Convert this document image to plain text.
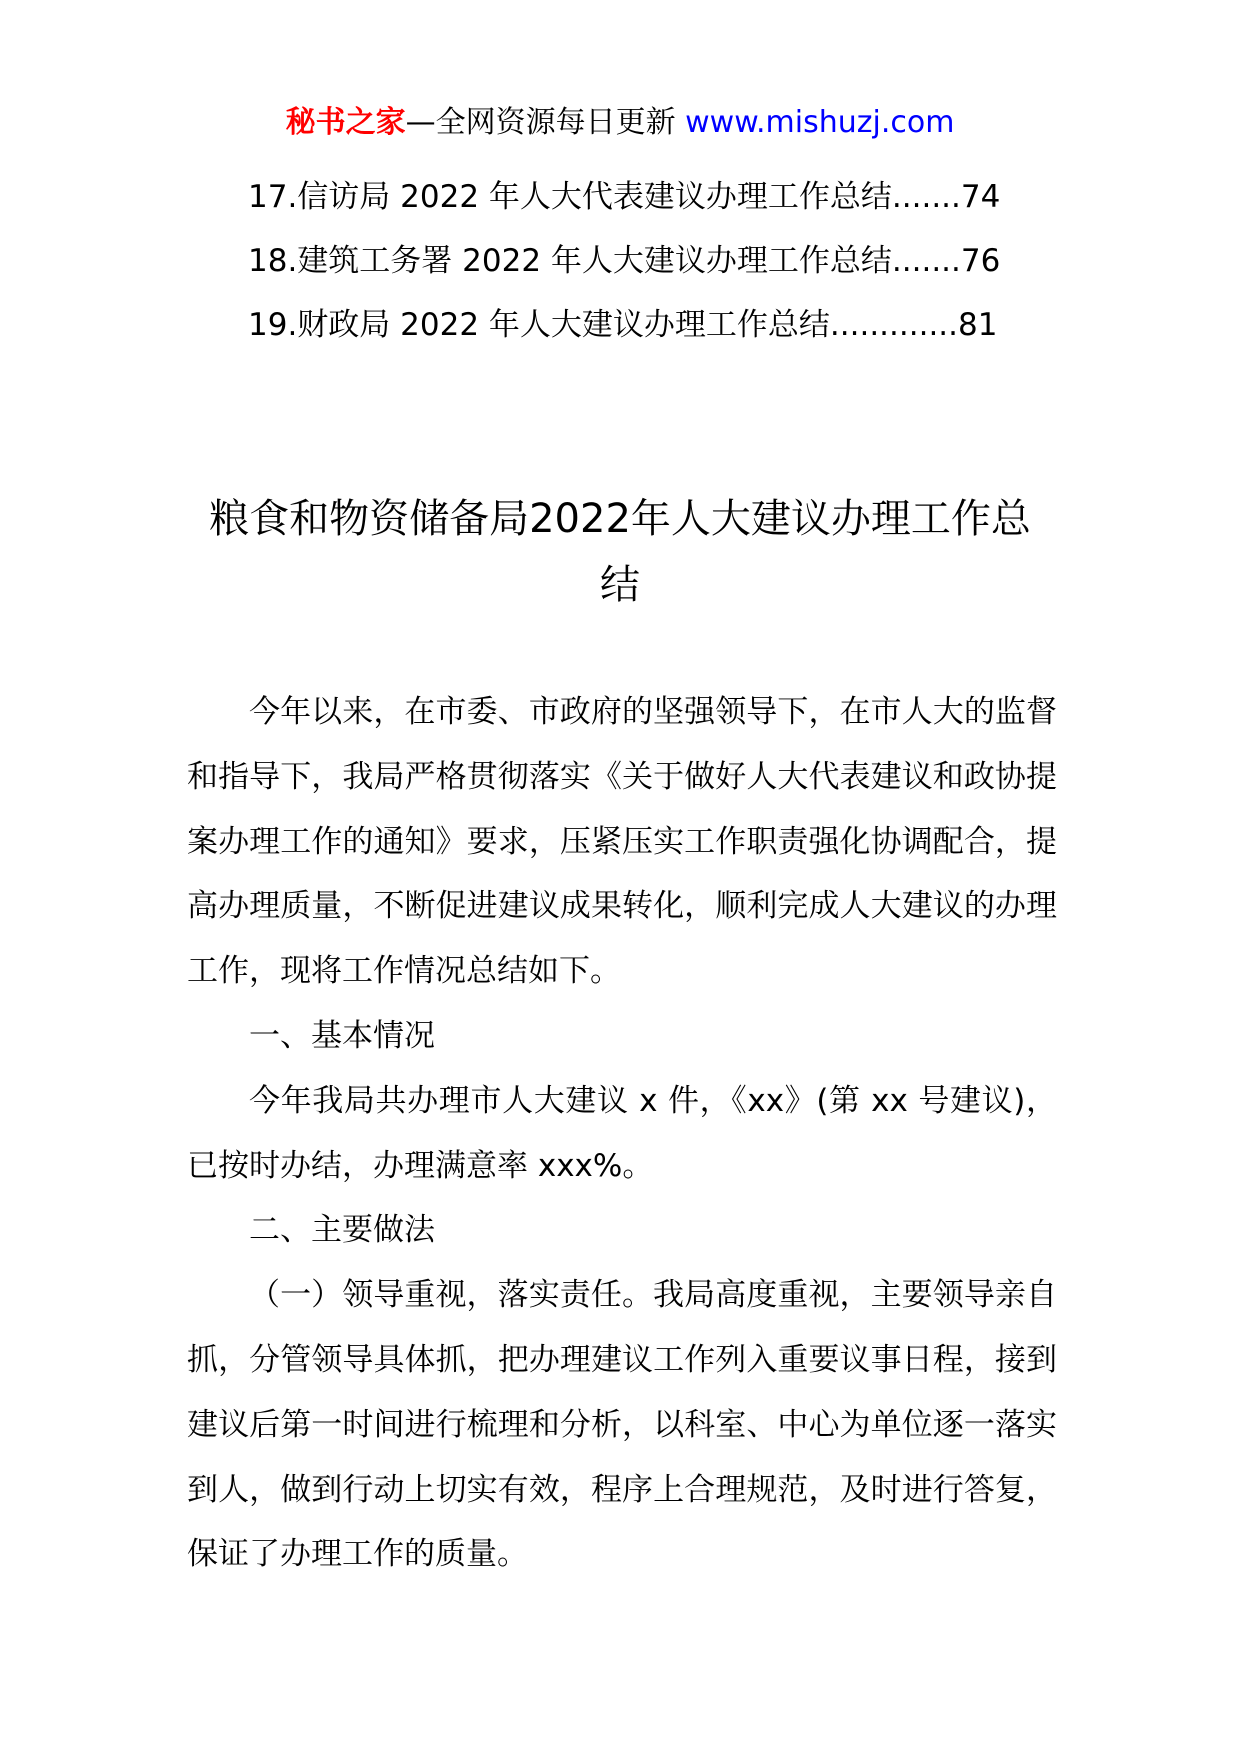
秘书之家—全网资源每日更新 www.mishuzj.com
17.信访局 2022 年人大代表建议办理工作总结.......74
18.建筑工务署 2022 年人大建议办理工作总结.......76
19.财政局 2022 年人大建议办理工作总结.............81
粮食和物资储备局2022年人大建议办理工作总结

今年以来，在市委、市政府的坚强领导下，在市人大的监督和指导下，我局严格贯彻落实《关于做好人大代表建议和政协提案办理工作的通知》要求，压紧压实工作职责强化协调配合，提高办理质量，不断促进建议成果转化，顺利完成人大建议的办理工作，现将工作情况总结如下。

一、基本情况

今年我局共办理市人大建议 x 件，《xx》(第 xx 号建议)，已按时办结，办理满意率 xxx%。

二、主要做法

（一）领导重视，落实责任。我局高度重视，主要领导亲自抓，分管领导具体抓，把办理建议工作列入重要议事日程，接到建议后第一时间进行梳理和分析，以科室、中心为单位逐一落实到人，做到行动上切实有效，程序上合理规范，及时进行答复，保证了办理工作的质量。
